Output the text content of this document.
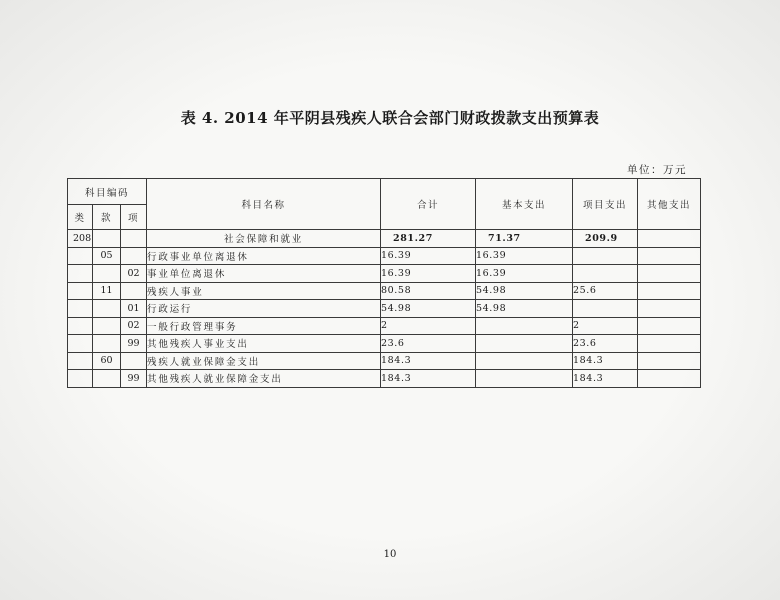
表 4. 2014 年平阴县残疾人联合会部门财政拨款支出预算表
单位：万元
科目编码			科目名称	合计	基本支出	项目支出	其他支出
类	款	项					
208			社会保障和就业	281.27	71.37	209.9	
	05		行政事业单位离退休	16.39	16.39		
		02	事业单位离退休	16.39	16.39		
	11		残疾人事业	80.58	54.98	25.6	
		01	行政运行	54.98	54.98		
		02	一般行政管理事务	2		2	
		99	其他残疾人事业支出	23.6		23.6	
	60		残疾人就业保障金支出	184.3		184.3	
		99	其他残疾人就业保障金支出	184.3		184.3	
10
